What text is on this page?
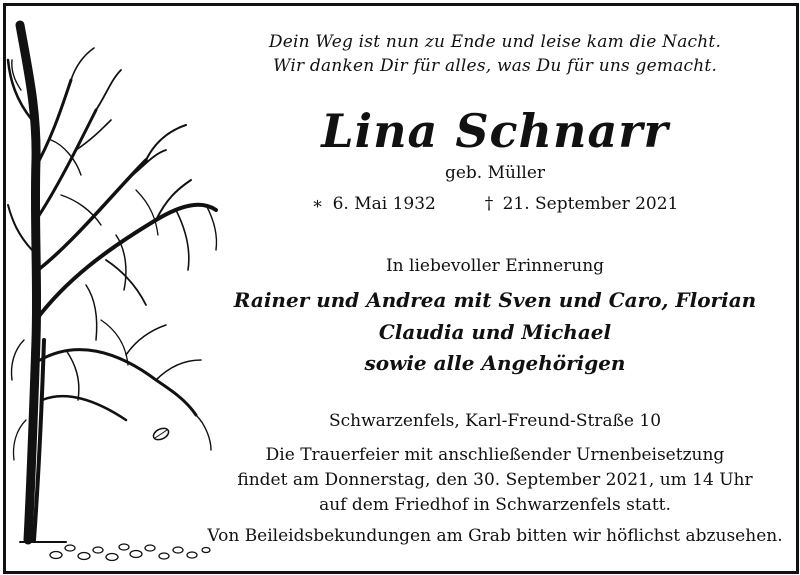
Dein Weg ist nun zu Ende und leise kam die Nacht.
Wir danken Dir für alles, was Du für uns gemacht.
Lina Schnarr
geb. Müller
∗ 6. Mai 1932	† 21. September 2021
In liebevoller Erinnerung
Rainer und Andrea mit Sven und Caro, Florian
Claudia und Michael
sowie alle Angehörigen
Schwarzenfels, Karl-Freund-Straße 10
Die Trauerfeier mit anschließender Urnenbeisetzung
findet am Donnerstag, den 30. September 2021, um 14 Uhr
auf dem Friedhof in Schwarzenfels statt.
Von Beileidsbekundungen am Grab bitten wir höflichst abzusehen.
